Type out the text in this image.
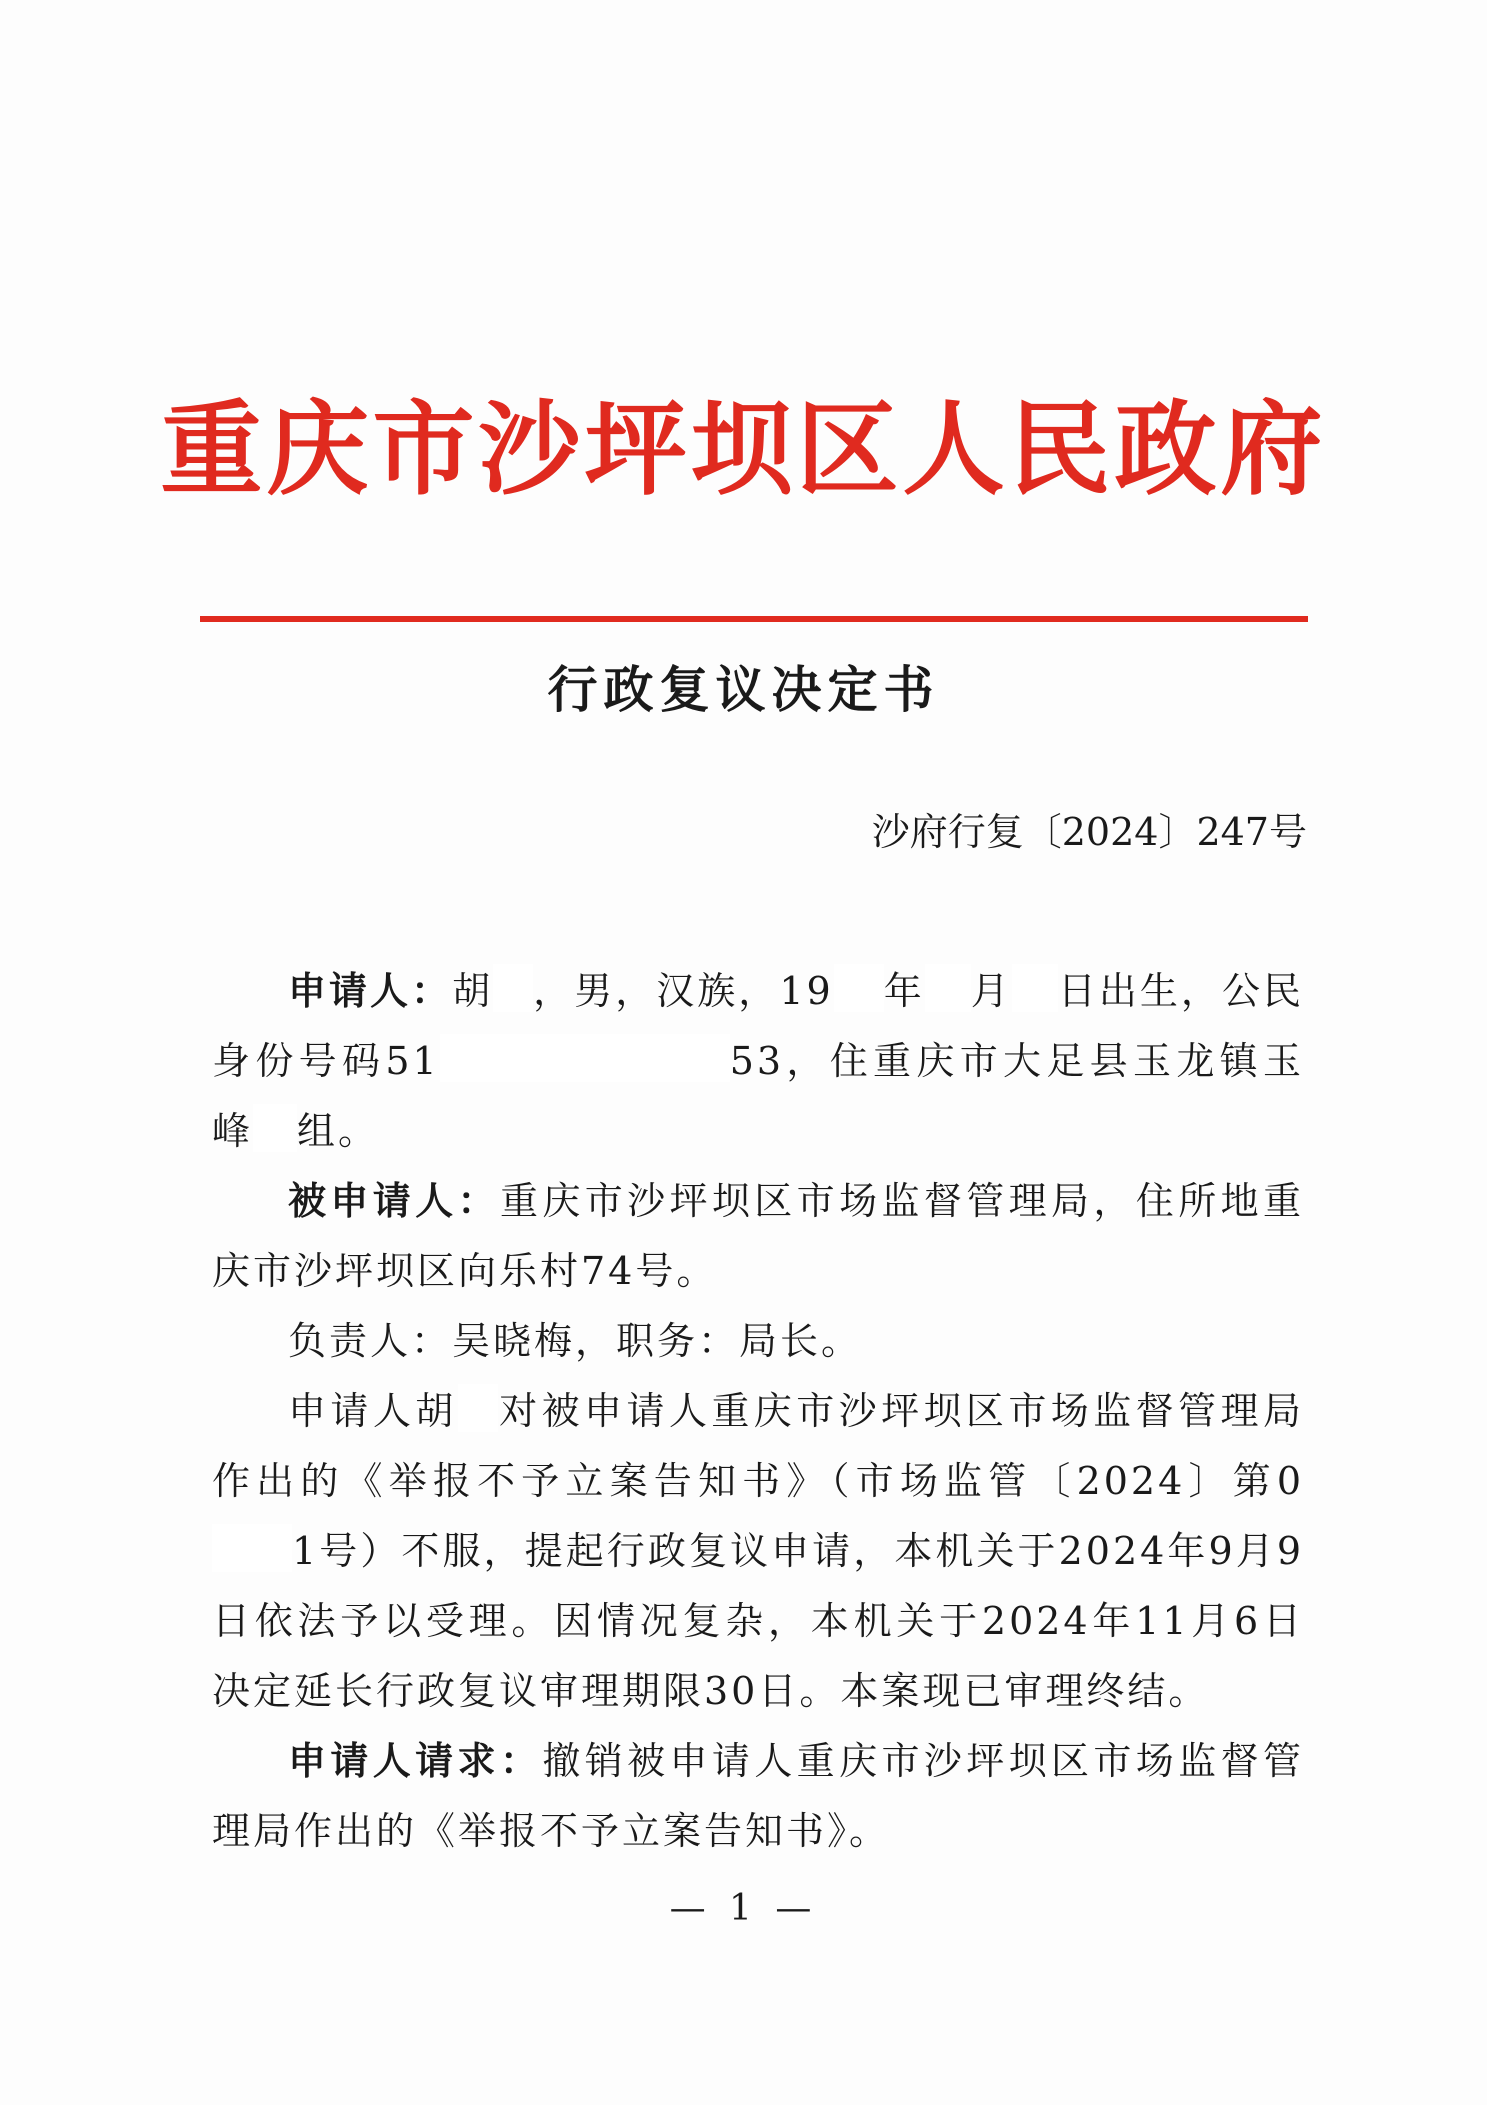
重庆市沙坪坝区人民政府
行政复议决定书
沙府行复〔2024〕247号

申请人：胡 ，男，汉族，19 年 月 日出生，公民身份号码51	53，住重庆市大足县玉龙镇玉峰 组。

被申请人：重庆市沙坪坝区市场监督管理局，住所地重庆市沙坪坝区向乐村74号。

负责人：吴晓梅，职务：局长。

申请人胡 对被申请人重庆市沙坪坝区市场监督管理局作出的《举报不予立案告知书》（市场监管〔2024〕第01号）不服，提起行政复议申请，本机关于2024年9月9日依法予以受理。因情况复杂，本机关于2024年11月6日决定延长行政复议审理期限30日。本案现已审理终结。

申请人请求：撤销被申请人重庆市沙坪坝区市场监督管理局作出的《举报不予立案告知书》。

— 1 —
